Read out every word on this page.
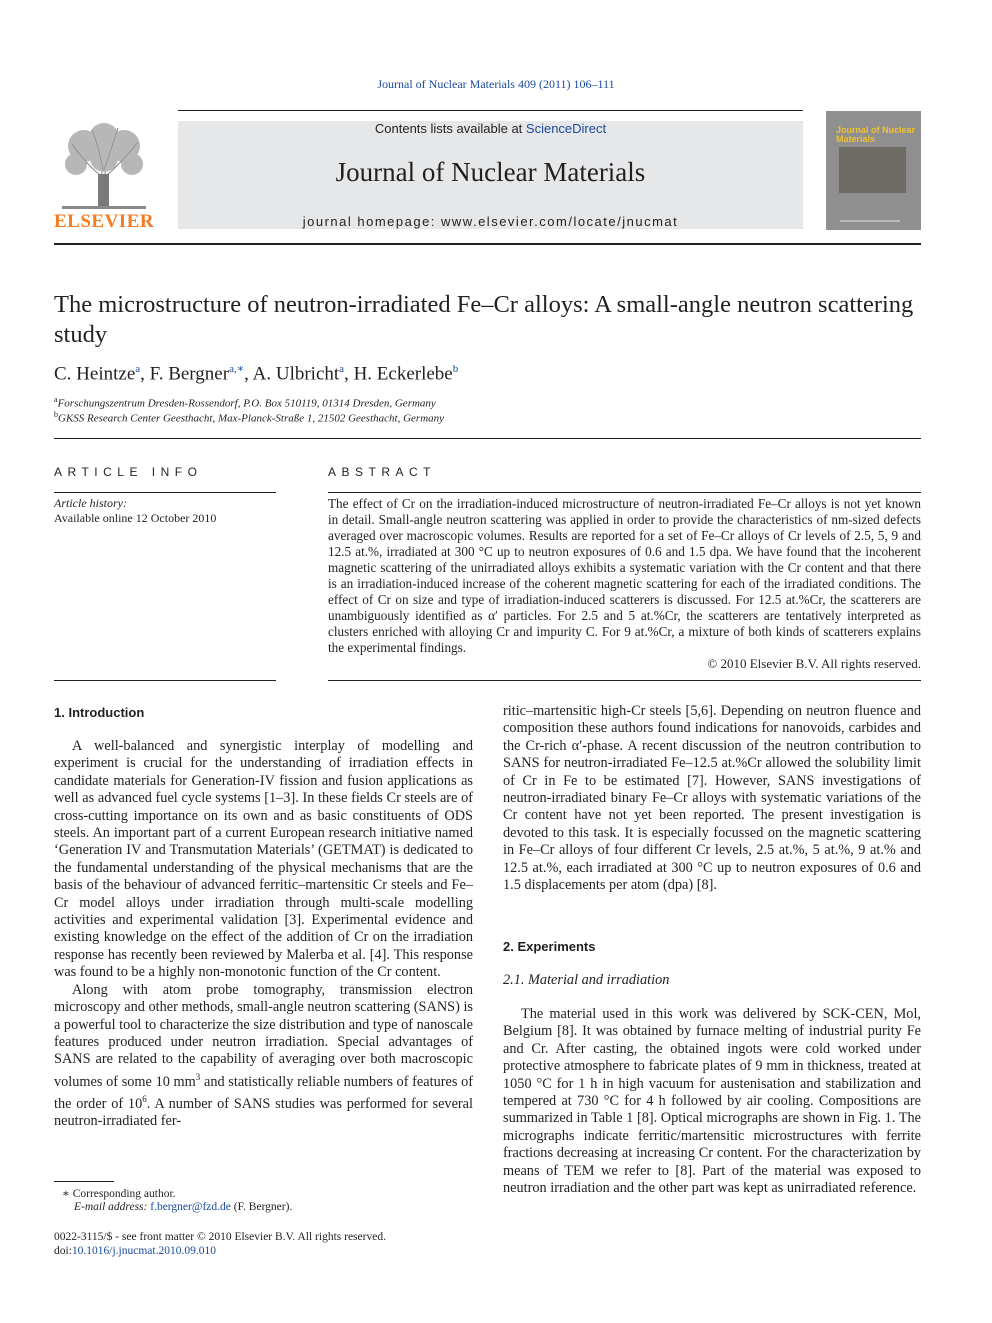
Journal of Nuclear Materials 409 (2011) 106–111
ELSEVIER
Contents lists available at ScienceDirect
Journal of Nuclear Materials
journal homepage: www.elsevier.com/locate/jnucmat
Journal of Nuclear Materials
The microstructure of neutron-irradiated Fe–Cr alloys: A small-angle neutron scattering study
C. Heintze$^a$, F. Bergner$^{a,∗}$, A. Ulbricht$^a$, H. Eckerlebe$^b$
$^a$Forschungszentrum Dresden-Rossendorf, P.O. Box 510119, 01314 Dresden, Germany
$^b$GKSS Research Center Geesthacht, Max-Planck-Straße 1, 21502 Geesthacht, Germany
ARTICLE INFO
Article history:
Available online 12 October 2010
ABSTRACT
The effect of Cr on the irradiation-induced microstructure of neutron-irradiated Fe–Cr alloys is not yet known in detail. Small-angle neutron scattering was applied in order to provide the characteristics of nm-sized defects averaged over macroscopic volumes. Results are reported for a set of Fe–Cr alloys of Cr levels of 2.5, 5, 9 and 12.5 at.%, irradiated at 300 °C up to neutron exposures of 0.6 and 1.5 dpa. We have found that the incoherent magnetic scattering of the unirradiated alloys exhibits a systematic variation with the Cr content and that there is an irradiation-induced increase of the coherent magnetic scattering for each of the irradiated conditions. The effect of Cr on size and type of irradiation-induced scatterers is discussed. For 12.5 at.%Cr, the scatterers are unambiguously identified as α′ particles. For 2.5 and 5 at.%Cr, the scatterers are tentatively interpreted as clusters enriched with alloying Cr and impurity C. For 9 at.%Cr, a mixture of both kinds of scatterers explains the experimental findings.
© 2010 Elsevier B.V. All rights reserved.
1. Introduction

A well-balanced and synergistic interplay of modelling and experiment is crucial for the understanding of irradiation effects in candidate materials for Generation-IV fission and fusion applications as well as advanced fuel cycle systems [1–3]. In these fields Cr steels are of cross-cutting importance on its own and as basic constituents of ODS steels. An important part of a current European research initiative named ‘Generation IV and Transmutation Materials’ (GETMAT) is dedicated to the fundamental understanding of the physical mechanisms that are the basis of the behaviour of advanced ferritic–martensitic Cr steels and Fe–Cr model alloys under irradiation through multi-scale modelling activities and experimental validation [3]. Experimental evidence and existing knowledge on the effect of the addition of Cr on the irradiation response has recently been reviewed by Malerba et al. [4]. This response was found to be a highly non-monotonic function of the Cr content.

Along with atom probe tomography, transmission electron microscopy and other methods, small-angle neutron scattering (SANS) is a powerful tool to characterize the size distribution and type of nanoscale features produced under neutron irradiation. Special advantages of SANS are related to the capability of averaging over both macroscopic volumes of some 10 $mm^3$ and statistically reliable numbers of features of the order of $10^6$. A number of SANS studies was performed for several neutron-irradiated fer-

ritic–martensitic high-Cr steels [5,6]. Depending on neutron fluence and composition these authors found indications for nanovoids, carbides and the Cr-rich α′-phase. A recent discussion of the neutron contribution to SANS for neutron-irradiated Fe–12.5 at.%Cr allowed the solubility limit of Cr in Fe to be estimated [7]. However, SANS investigations of neutron-irradiated binary Fe–Cr alloys with systematic variations of the Cr content have not yet been reported. The present investigation is devoted to this task. It is especially focussed on the magnetic scattering in Fe–Cr alloys of four different Cr levels, 2.5 at.%, 5 at.%, 9 at.% and 12.5 at.%, each irradiated at 300 °C up to neutron exposures of 0.6 and 1.5 displacements per atom (dpa) [8].

2. Experiments
2.1. Material and irradiation

The material used in this work was delivered by SCK-CEN, Mol, Belgium [8]. It was obtained by furnace melting of industrial purity Fe and Cr. After casting, the obtained ingots were cold worked under protective atmosphere to fabricate plates of 9 mm in thickness, treated at 1050 °C for 1 h in high vacuum for austenisation and stabilization and tempered at 730 °C for 4 h followed by air cooling. Compositions are summarized in Table 1 [8]. Optical micrographs are shown in Fig. 1. The micrographs indicate ferritic/martensitic microstructures with ferrite fractions decreasing at increasing Cr content. For the characterization by means of TEM we refer to [8]. Part of the material was exposed to neutron irradiation and the other part was kept as unirradiated reference.

∗ Corresponding author.
E-mail address: f.bergner@fzd.de (F. Bergner).
0022-3115/$ - see front matter © 2010 Elsevier B.V. All rights reserved.
doi:10.1016/j.jnucmat.2010.09.010
